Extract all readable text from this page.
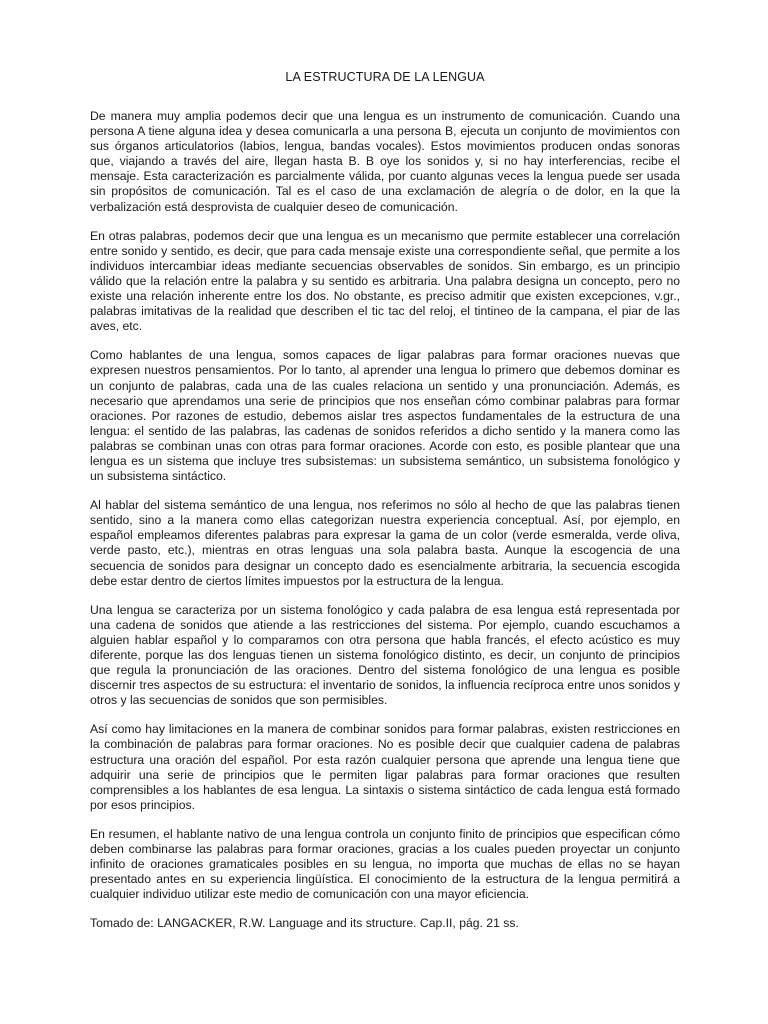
LA ESTRUCTURA DE LA LENGUA

De manera muy amplia podemos decir que una lengua es un instrumento de comunicación. Cuando una persona A tiene alguna idea y desea comunicarla a una persona B, ejecuta un conjunto de movimientos con sus órganos articulatorios (labios, lengua, bandas vocales). Estos movimientos producen ondas sonoras que, viajando a través del aire, llegan hasta B. B oye los sonidos y, si no hay interferencias, recibe el mensaje. Esta caracterización es parcialmente válida, por cuanto algunas veces la lengua puede ser usada sin propósitos de comunicación. Tal es el caso de una exclamación de alegría o de dolor, en la que la verbalización está desprovista de cualquier deseo de comunicación.

En otras palabras, podemos decir que una lengua es un mecanismo que permite establecer una correlación entre sonido y sentido, es decir, que para cada mensaje existe una correspondiente señal, que permite a los individuos intercambiar ideas mediante secuencias observables de sonidos. Sin embargo, es un principio válido que la relación entre la palabra y su sentido es arbitraria. Una palabra designa un concepto, pero no existe una relación inherente entre los dos. No obstante, es preciso admitir que existen excepciones, v.gr., palabras imitativas de la realidad que describen el tic tac del reloj, el tintineo de la campana, el piar de las aves, etc.

Como hablantes de una lengua, somos capaces de ligar palabras para formar oraciones nuevas que expresen nuestros pensamientos. Por lo tanto, al aprender una lengua lo primero que debemos dominar es un conjunto de palabras, cada una de las cuales relaciona un sentido y una pronunciación. Además, es necesario que aprendamos una serie de principios que nos enseñan cómo combinar palabras para formar oraciones. Por razones de estudio, debemos aislar tres aspectos fundamentales de la estructura de una lengua: el sentido de las palabras, las cadenas de sonidos referidos a dicho sentido y la manera como las palabras se combinan unas con otras para formar oraciones. Acorde con esto, es posible plantear que una lengua es un sistema que incluye tres subsistemas: un subsistema semántico, un subsistema fonológico y un subsistema sintáctico.

Al hablar del sistema semántico de una lengua, nos referimos no sólo al hecho de que las palabras tienen sentido, sino a la manera como ellas categorizan nuestra experiencia conceptual. Así, por ejemplo, en español empleamos diferentes palabras para expresar la gama de un color (verde esmeralda, verde oliva, verde pasto, etc.), mientras en otras lenguas una sola palabra basta. Aunque la escogencia de una secuencia de sonidos para designar un concepto dado es esencialmente arbitraria, la secuencia escogida debe estar dentro de ciertos límites impuestos por la estructura de la lengua.

Una lengua se caracteriza por un sistema fonológico y cada palabra de esa lengua está representada por una cadena de sonidos que atiende a las restricciones del sistema. Por ejemplo, cuando escuchamos a alguien hablar español y lo comparamos con otra persona que habla francés, el efecto acústico es muy diferente, porque las dos lenguas tienen un sistema fonológico distinto, es decir, un conjunto de principios que regula la pronunciación de las oraciones. Dentro del sistema fonológico de una lengua es posible discernir tres aspectos de su estructura: el inventario de sonidos, la influencia recíproca entre unos sonidos y otros y las secuencias de sonidos que son permisibles.

Así como hay limitaciones en la manera de combinar sonidos para formar palabras, existen restricciones en la combinación de palabras para formar oraciones. No es posible decir que cualquier cadena de palabras estructura una oración del español. Por esta razón cualquier persona que aprende una lengua tiene que adquirir una serie de principios que le permiten ligar palabras para formar oraciones que resulten comprensibles a los hablantes de esa lengua. La sintaxis o sistema sintáctico de cada lengua está formado por esos principios.

En resumen, el hablante nativo de una lengua controla un conjunto finito de principios que especifican cómo deben combinarse las palabras para formar oraciones, gracias a los cuales pueden proyectar un conjunto infinito de oraciones gramaticales posibles en su lengua, no importa que muchas de ellas no se hayan presentado antes en su experiencia lingüística. El conocimiento de la estructura de la lengua permitirá a cualquier individuo utilizar este medio de comunicación con una mayor eficiencia.

Tomado de: LANGACKER, R.W. Language and its structure. Cap.II, pág. 21 ss.
